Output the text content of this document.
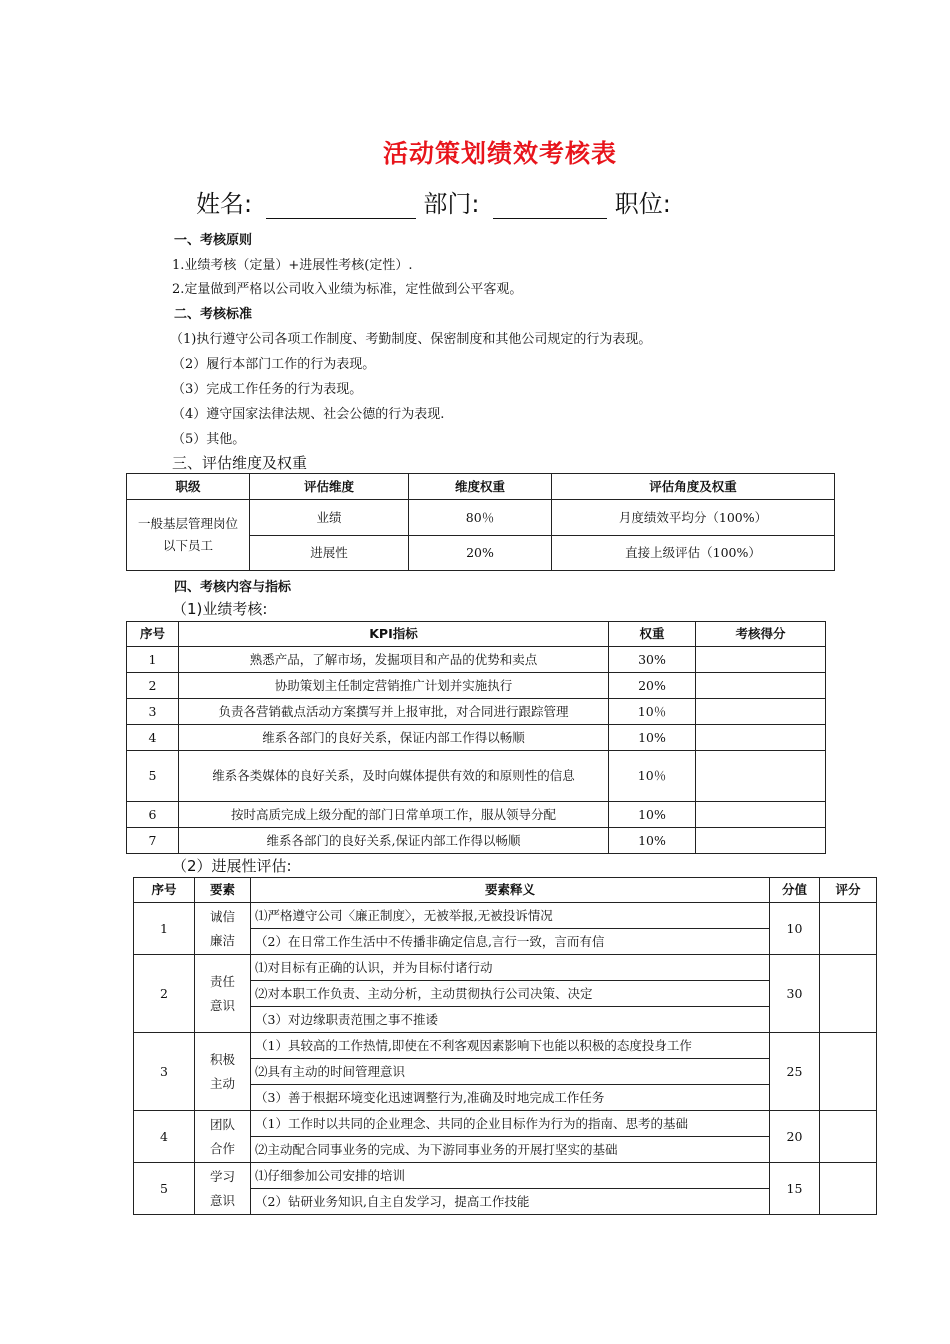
活动策划绩效考核表
姓名:	部门:	职位:
一、考核原则
1.业绩考核（定量）+进展性考核(定性）.
2.定量做到严格以公司收入业绩为标准，定性做到公平客观。
二、考核标准
（1)执行遵守公司各项工作制度、考勤制度、保密制度和其他公司规定的行为表现。
（2）履行本部门工作的行为表现。
（3）完成工作任务的行为表现。
（4）遵守国家法律法规、社会公德的行为表现.
（5）其他。
三、评估维度及权重
职级	评估维度	维度权重	评估角度及权重
一般基层管理岗位以下员工	业绩	80％	月度绩效平均分（100%）
	进展性	20%	直接上级评估（100%）
四、考核内容与指标
（1)业绩考核:
序号	KPI指标	权重	考核得分
1	熟悉产品，了解市场，发掘项目和产品的优势和卖点	30%	
2	协助策划主任制定营销推广计划并实施执行	20%	
3	负责各营销截点活动方案撰写并上报审批，对合同进行跟踪管理	10％	
4	维系各部门的良好关系，保证内部工作得以畅顺	10%	
5	维系各类媒体的良好关系，及时向媒体提供有效的和原则性的信息	10％	
6	按时高质完成上级分配的部门日常单项工作，服从领导分配	10%	
7	维系各部门的良好关系,保证内部工作得以畅顺	10%	
（2）进展性评估:
序号	要素	要素释义	分值	评分
1	诚信廉洁	⑴严格遵守公司〈廉正制度〉，无被举报,无被投诉情况	10	
		（2）在日常工作生活中不传播非确定信息,言行一致，言而有信		
2	责任意识	⑴对目标有正确的认识，并为目标付诸行动	30	
		⑵对本职工作负责、主动分析，主动贯彻执行公司决策、决定		
		（3）对边缘职责范围之事不推诿		
3	积极主动	（1）具较高的工作热情,即使在不利客观因素影响下也能以积极的态度投身工作	25	
		⑵具有主动的时间管理意识		
		（3）善于根据环境变化迅速调整行为,准确及时地完成工作任务		
4	团队合作	（1）工作时以共同的企业理念、共同的企业目标作为行为的指南、思考的基础	20	
		⑵主动配合同事业务的完成、为下游同事业务的开展打坚实的基础		
5	学习意识	⑴仔细参加公司安排的培训	15	
		（2）钻研业务知识,自主自发学习，提高工作技能		
